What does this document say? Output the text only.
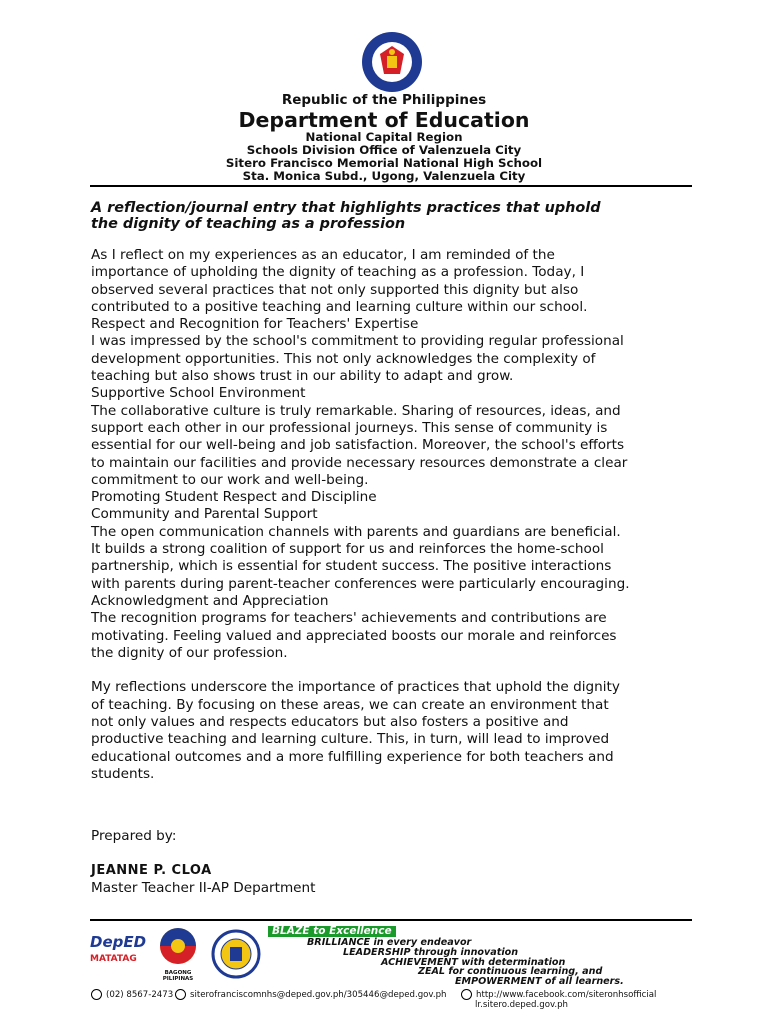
Republic of the Philippines
Department of Education
National Capital Region
Schools Division Office of Valenzuela City
Sitero Francisco Memorial National High School
Sta. Monica Subd., Ugong, Valenzuela City
A reflection/journal entry that highlights practices that uphold
the dignity of teaching as a profession

As I reflect on my experiences as an educator, I am reminded of the

importance of upholding the dignity of teaching as a profession. Today, I

observed several practices that not only supported this dignity but also

contributed to a positive teaching and learning culture within our school.

Respect and Recognition for Teachers' Expertise

I was impressed by the school's commitment to providing regular professional

development opportunities. This not only acknowledges the complexity of

teaching but also shows trust in our ability to adapt and grow.

Supportive School Environment

The collaborative culture is truly remarkable. Sharing of resources, ideas, and

support each other in our professional journeys. This sense of community is

essential for our well-being and job satisfaction. Moreover, the school's efforts

to maintain our facilities and provide necessary resources demonstrate a clear

commitment to our work and well-being.

Promoting Student Respect and Discipline

Community and Parental Support

The open communication channels with parents and guardians are beneficial.

It builds a strong coalition of support for us and reinforces the home-school

partnership, which is essential for student success. The positive interactions

with parents during parent-teacher conferences were particularly encouraging.

Acknowledgment and Appreciation

The recognition programs for teachers' achievements and contributions are

motivating. Feeling valued and appreciated boosts our morale and reinforces

the dignity of our profession.

My reflections underscore the importance of practices that uphold the dignity

of teaching. By focusing on these areas, we can create an environment that

not only values and respects educators but also fosters a positive and

productive teaching and learning culture. This, in turn, will lead to improved

educational outcomes and a more fulfilling experience for both teachers and

students.

Prepared by:
JEANNE P. CLOA
Master Teacher II-AP Department
DepED
MATATAG
BAGONG PILIPINAS
BLAZE to Excellence
BRILLIANCE in every endeavor
LEADERSHIP through innovation
ACHIEVEMENT with determination
ZEAL for continuous learning, and
EMPOWERMENT of all learners.
(02) 8567-2473	siterofranciscomnhs@deped.gov.ph/305446@deped.gov.ph	http://www.facebook.com/siteronhsofficial
lr.sitero.deped.gov.ph
